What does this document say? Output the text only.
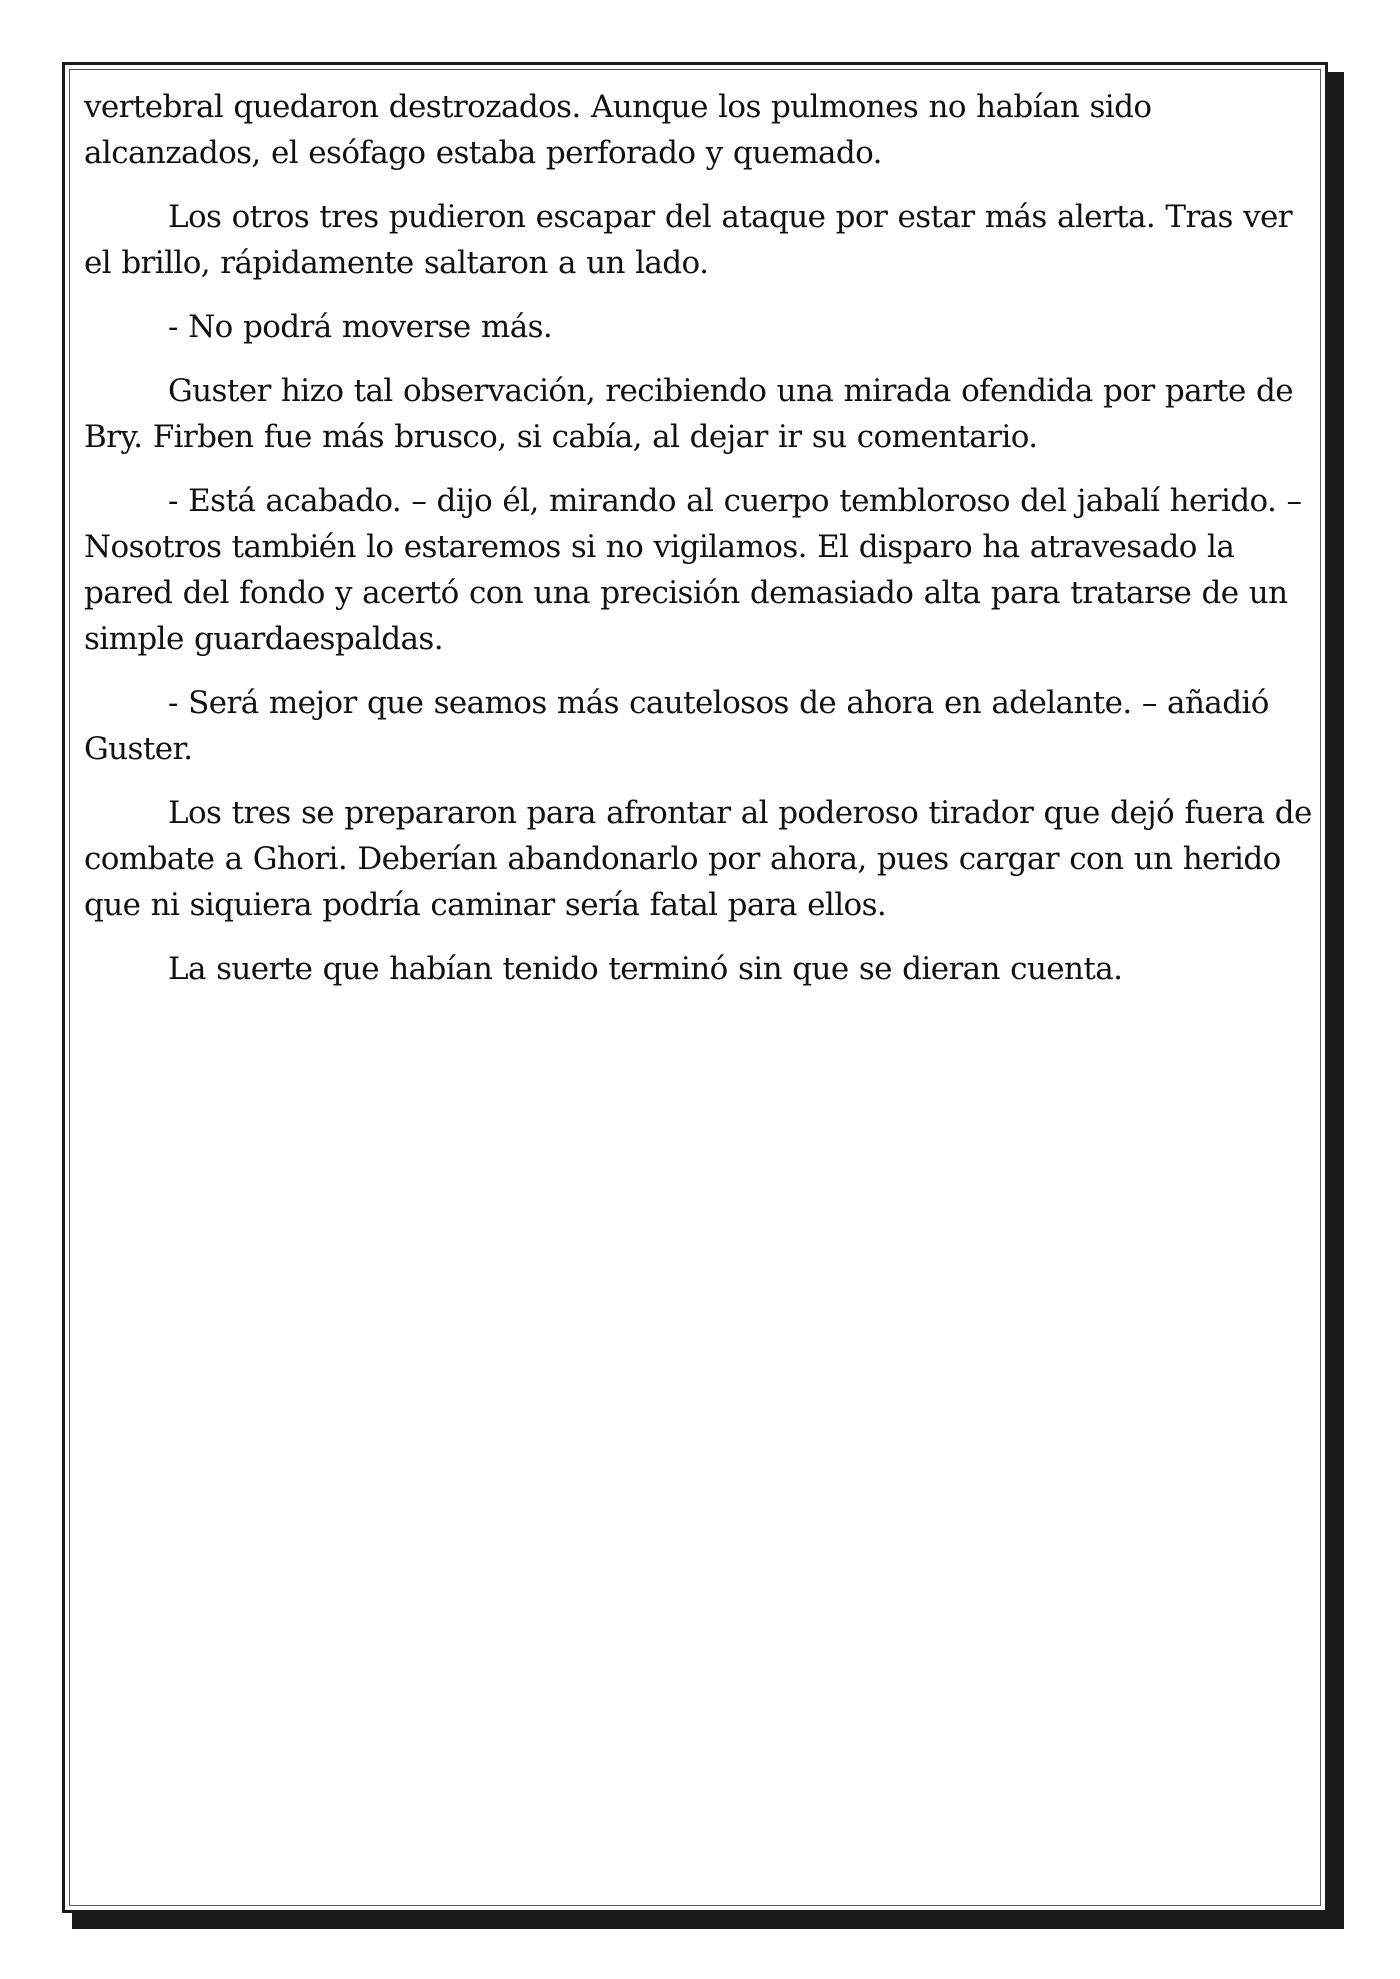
vertebral quedaron destrozados. Aunque los pulmones no habían sido alcanzados, el esófago estaba perforado y quemado.

Los otros tres pudieron escapar del ataque por estar más alerta. Tras ver el brillo, rápidamente saltaron a un lado.

- No podrá moverse más.

Guster hizo tal observación, recibiendo una mirada ofendida por parte de Bry. Firben fue más brusco, si cabía, al dejar ir su comentario.

- Está acabado. – dijo él, mirando al cuerpo tembloroso del jabalí herido. – Nosotros también lo estaremos si no vigilamos. El disparo ha atravesado la pared del fondo y acertó con una precisión demasiado alta para tratarse de un simple guardaespaldas.

- Será mejor que seamos más cautelosos de ahora en adelante. – añadió Guster.

Los tres se prepararon para afrontar al poderoso tirador que dejó fuera de combate a Ghori. Deberían abandonarlo por ahora, pues cargar con un herido que ni siquiera podría caminar sería fatal para ellos.

La suerte que habían tenido terminó sin que se dieran cuenta.
